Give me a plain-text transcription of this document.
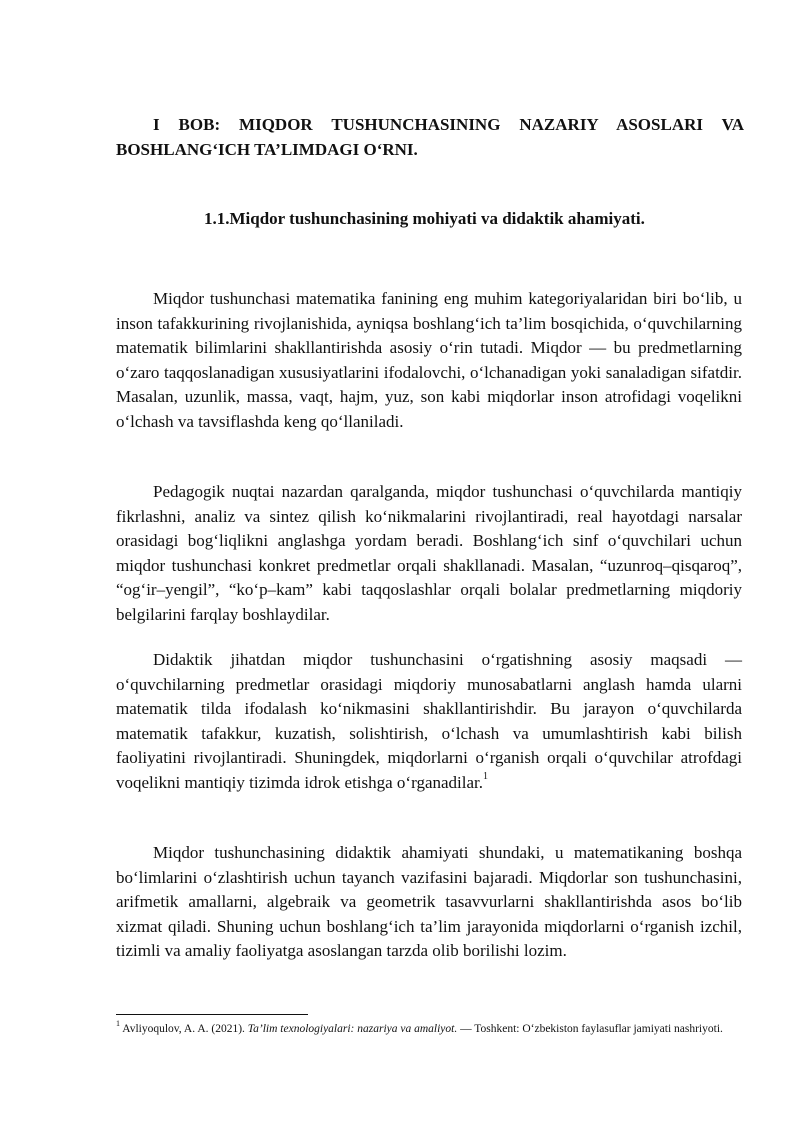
I BOB: MIQDOR TUSHUNCHASINING NAZARIY ASOSLARI VA BOSHLANG‘ICH TA’LIMDAGI O‘RNI.
1.1.Miqdor tushunchasining mohiyati va didaktik ahamiyati.

Miqdor tushunchasi matematika fanining eng muhim kategoriyalaridan biri bo‘lib, u inson tafakkurining rivojlanishida, ayniqsa boshlang‘ich ta’lim bosqichida, o‘quvchilarning matematik bilimlarini shakllantirishda asosiy o‘rin tutadi. Miqdor — bu predmetlarning o‘zaro taqqoslanadigan xususiyatlarini ifodalovchi, o‘lchanadigan yoki sanaladigan sifatdir. Masalan, uzunlik, massa, vaqt, hajm, yuz, son kabi miqdorlar inson atrofidagi voqelikni o‘lchash va tavsiflashda keng qo‘llaniladi.

Pedagogik nuqtai nazardan qaralganda, miqdor tushunchasi o‘quvchilarda mantiqiy fikrlashni, analiz va sintez qilish ko‘nikmalarini rivojlantiradi, real hayotdagi narsalar orasidagi bog‘liqlikni anglashga yordam beradi. Boshlang‘ich sinf o‘quvchilari uchun miqdor tushunchasi konkret predmetlar orqali shakllanadi. Masalan, “uzunroq–qisqaroq”, “og‘ir–yengil”, “ko‘p–kam” kabi taqqoslashlar orqali bolalar predmetlarning miqdoriy belgilarini farqlay boshlaydilar.

Didaktik jihatdan miqdor tushunchasini o‘rgatishning asosiy maqsadi — o‘quvchilarning predmetlar orasidagi miqdoriy munosabatlarni anglash hamda ularni matematik tilda ifodalash ko‘nikmasini shakllantirishdir. Bu jarayon o‘quvchilarda matematik tafakkur, kuzatish, solishtirish, o‘lchash va umumlashtirish kabi bilish faoliyatini rivojlantiradi. Shuningdek, miqdorlarni o‘rganish orqali o‘quvchilar atrofdagi voqelikni mantiqiy tizimda idrok etishga o‘rganadilar.$^1$

Miqdor tushunchasining didaktik ahamiyati shundaki, u matematikaning boshqa bo‘limlarini o‘zlashtirish uchun tayanch vazifasini bajaradi. Miqdorlar son tushunchasini, arifmetik amallarni, algebraik va geometrik tasavvurlarni shakllantirishda asos bo‘lib xizmat qiladi. Shuning uchun boshlang‘ich ta’lim jarayonida miqdorlarni o‘rganish izchil, tizimli va amaliy faoliyatga asoslangan tarzda olib borilishi lozim.

$^1$ Avliyoqulov, A. A. (2021). Ta’lim texnologiyalari: nazariya va amaliyot. — Toshkent: O‘zbekiston faylasuflar jamiyati nashriyoti.
